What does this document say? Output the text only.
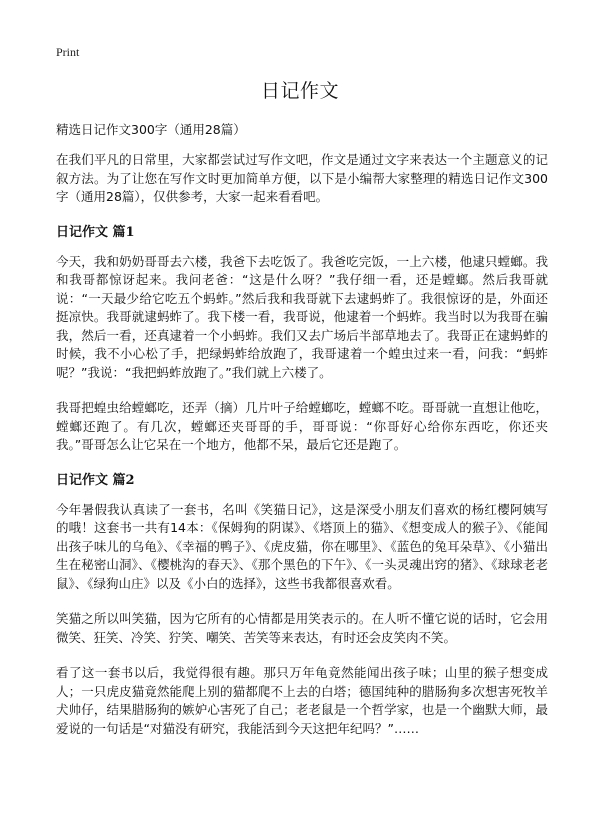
Print
日记作文

精选日记作文300字（通用28篇）

在我们平凡的日常里，大家都尝试过写作文吧，作文是通过文字来表达一个主题意义的记叙方法。为了让您在写作文时更加简单方便，以下是小编帮大家整理的精选日记作文300字（通用28篇），仅供参考，大家一起来看看吧。

日记作文 篇1

今天，我和奶奶哥哥去六楼，我爸下去吃饭了。我爸吃完饭，一上六楼，他逮只螳螂。我和我哥都惊讶起来。我问老爸：“这是什么呀？”我仔细一看，还是螳螂。然后我哥就说：“一天最少给它吃五个蚂蚱。”然后我和我哥就下去逮蚂蚱了。我很惊讶的是，外面还挺凉快。我哥就逮蚂蚱了。我下楼一看，我哥说，他逮着一个蚂蚱。我当时以为我哥在骗我，然后一看，还真逮着一个小蚂蚱。我们又去广场后半部草地去了。我哥正在逮蚂蚱的时候，我不小心松了手，把绿蚂蚱给放跑了，我哥逮着一个蝗虫过来一看，问我：“蚂蚱呢？”我说：“我把蚂蚱放跑了。”我们就上六楼了。

我哥把蝗虫给螳螂吃，还弄（摘）几片叶子给螳螂吃，螳螂不吃。哥哥就一直想让他吃，螳螂还跑了。有几次，螳螂还夹哥哥的手，哥哥说：“你哥好心给你东西吃，你还夹我。”哥哥怎么让它呆在一个地方，他都不呆，最后它还是跑了。

日记作文 篇2

今年暑假我认真读了一套书，名叫《笑猫日记》，这是深受小朋友们喜欢的杨红樱阿姨写的哦！这套书一共有14本：《保姆狗的阴谋》、《塔顶上的猫》、《想变成人的猴子》、《能闻出孩子味儿的乌龟》、《幸福的鸭子》、《虎皮猫，你在哪里》、《蓝色的兔耳朵草》、《小猫出生在秘密山洞》、《樱桃沟的春天》、《那个黑色的下午》、《一头灵魂出窍的猪》、《球球老老鼠》、《绿狗山庄》以及《小白的选择》，这些书我都很喜欢看。

笑猫之所以叫笑猫，因为它所有的心情都是用笑表示的。在人听不懂它说的话时，它会用微笑、狂笑、冷笑、狞笑、嘲笑、苦笑等来表达，有时还会皮笑肉不笑。

看了这一套书以后，我觉得很有趣。那只万年龟竟然能闻出孩子味；山里的猴子想变成人；一只虎皮猫竟然能爬上别的猫都爬不上去的白塔；德国纯种的腊肠狗多次想害死牧羊犬帅仔，结果腊肠狗的嫉妒心害死了自己；老老鼠是一个哲学家，也是一个幽默大师，最爱说的一句话是“对猫没有研究，我能活到今天这把年纪吗？”……
